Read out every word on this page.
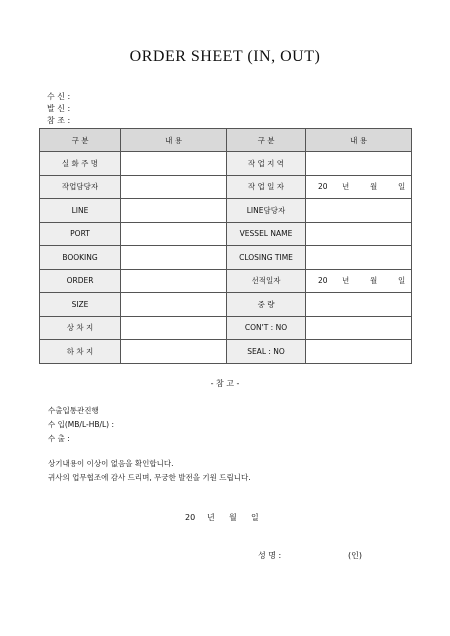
ORDER SHEET (IN, OUT)
수 신 :
발 신 :
참 조 :
구 분	내 용	구 분	내 용
실 화 주 명		작 업 지 역	
작업담당자		작 업 일 자	20 년 월 일
LINE		LINE담당자	
PORT		VESSEL NAME	
BOOKING		CLOSING TIME	
ORDER		선적일자	20 년 월 일
SIZE		중 량	
상 차 지		CON'T : NO	
하 차 지		SEAL : NO	
- 참 고 -
수출입통관진행
수 입(MB/L-HB/L) :
수 출 :
상기내용이 이상이 없음을 확인합니다.
귀사의 업무협조에 감사 드리며, 무궁한 발전을 기원 드립니다.
20 년 월 일
성 명 :	(인)
